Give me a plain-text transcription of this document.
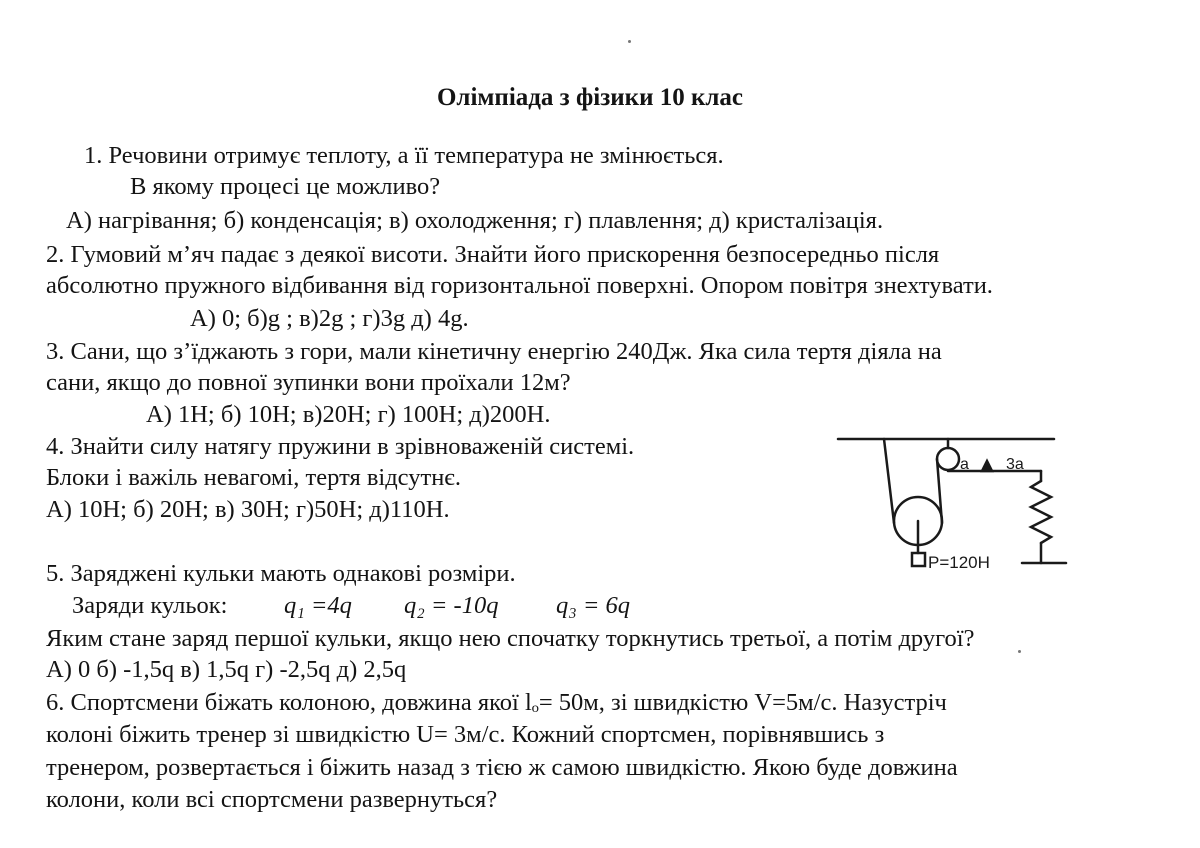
Олімпіада з фізики 10 клас
1. Речовини отримує теплоту, а її температура не змінюється.
В якому процесі це можливо?
А) нагрівання; б) конденсація; в) охолодження; г) плавлення; д) кристалізація.
2. Гумовий м’яч падає з деякої висоти. Знайти його прискорення безпосередньо після
абсолютно пружного відбивання від горизонтальної поверхні. Опором повітря знехтувати.
А) 0; б)g ; в)2g ; г)3g д) 4g.
3. Сани, що з’їджають з гори, мали кінетичну енергію 240Дж. Яка сила тертя діяла на
сани, якщо до повної зупинки вони проїхали 12м?
А) 1Н; б) 10Н; в)20Н; г) 100Н; д)200Н.
4. Знайти силу натягу пружини в зрівноваженій системі.
Блоки і важіль невагомі, тертя відсутнє.
А) 10Н; б) 20Н; в) 30Н; г)50Н; д)110Н.
a 3a
P=120H
5. Заряджені кульки мають однакові розміри.
Заряди кульок: q₁ =4q q₂ = -10q q₃ = 6q
Яким стане заряд першої кульки, якщо нею спочатку торкнутись третьої, а потім другої?
А) 0 б) -1,5q в) 1,5q г) -2,5q д) 2,5q
6. Спортсмени біжать колоною, довжина якої lₒ= 50м, зі швидкістю V=5м/с. Назустріч
колоні біжить тренер зі швидкістю U= 3м/с. Кожний спортсмен, порівнявшись з
тренером, розвертається і біжить назад з тією ж самою швидкістю. Якою буде довжина
колони, коли всі спортсмени развернуться?
